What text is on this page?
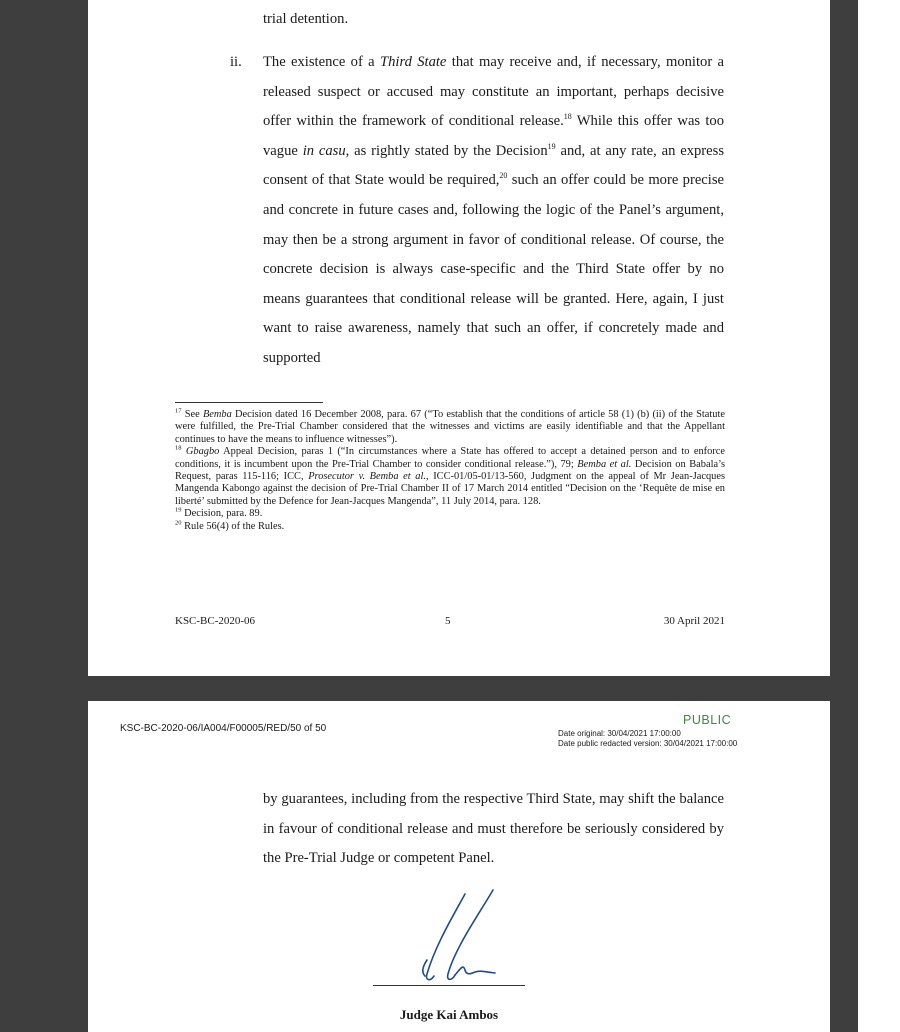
trial detention.
ii. The existence of a Third State that may receive and, if necessary, monitor a released suspect or accused may constitute an important, perhaps decisive offer within the framework of conditional release.$^{18}$ While this offer was too vague in casu, as rightly stated by the Decision$^{19}$ and, at any rate, an express consent of that State would be required,$^{20}$ such an offer could be more precise and concrete in future cases and, following the logic of the Panel’s argument, may then be a strong argument in favor of conditional release. Of course, the concrete decision is always case-specific and the Third State offer by no means guarantees that conditional release will be granted. Here, again, I just want to raise awareness, namely that such an offer, if concretely made and supported

$^{17}$ See Bemba Decision dated 16 December 2008, para. 67 (“To establish that the conditions of article 58 (1) (b) (ii) of the Statute were fulfilled, the Pre-Trial Chamber considered that the witnesses and victims are easily identifiable and that the Appellant continues to have the means to influence witnesses”).

$^{18}$ Gbagbo Appeal Decision, paras 1 (“In circumstances where a State has offered to accept a detained person and to enforce conditions, it is incumbent upon the Pre-Trial Chamber to consider conditional release.”), 79; Bemba et al. Decision on Babala’s Request, paras 115-116; ICC, Prosecutor v. Bemba et al., ICC-01/05-01/13-560, Judgment on the appeal of Mr Jean-Jacques Mangenda Kabongo against the decision of Pre-Trial Chamber II of 17 March 2014 entitled “Decision on the ‘Requête de mise en liberté’ submitted by the Defence for Jean-Jacques Mangenda”, 11 July 2014, para. 128.

$^{19}$ Decision, para. 89.

$^{20}$ Rule 56(4) of the Rules.

KSC-BC-2020-06	5	30 April 2021
KSC-BC-2020-06/IA004/F00005/RED/50 of 50
PUBLIC
Date original: 30/04/2021 17:00:00
Date public redacted version: 30/04/2021 17:00:00
by guarantees, including from the respective Third State, may shift the balance in favour of conditional release and must therefore be seriously considered by the Pre-Trial Judge or competent Panel.
Judge Kai Ambos
